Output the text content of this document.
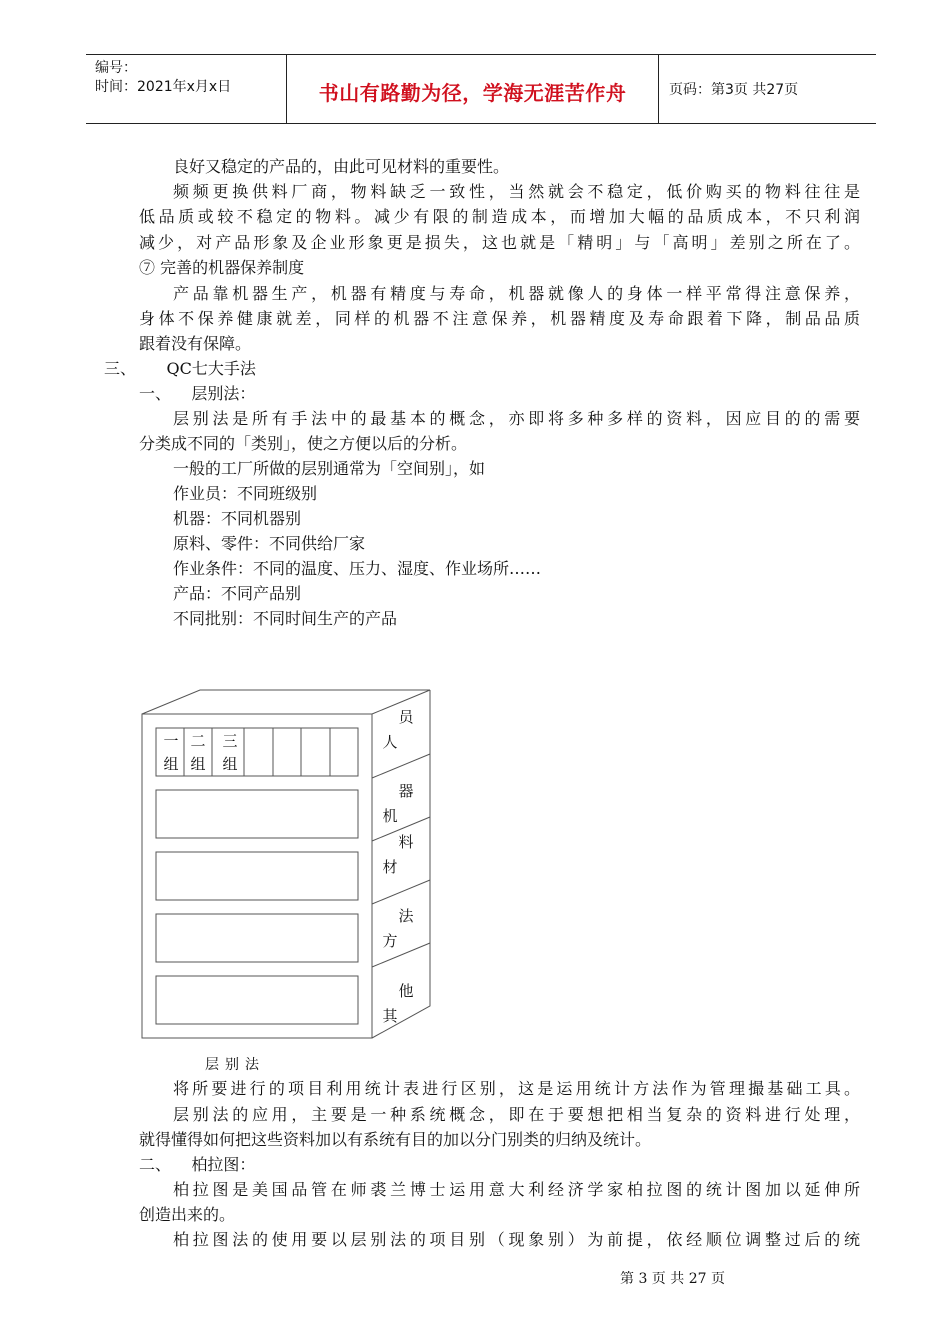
编号：
时间：2021年x月x日	书山有路勤为径，学海无涯苦作舟	页码：第3页 共27页
良好又稳定的产品的，由此可见材料的重要性。
频频更换供料厂商，物料缺乏一致性，当然就会不稳定，低价购买的物料往往是
低品质或较不稳定的物料。减少有限的制造成本，而增加大幅的品质成本，不只利润
减少，对产品形象及企业形象更是损失，这也就是「精明」与「高明」差别之所在了。
⑦ 完善的机器保养制度
产品靠机器生产，机器有精度与寿命，机器就像人的身体一样平常得注意保养，
身体不保养健康就差，同样的机器不注意保养，机器精度及寿命跟着下降，制品品质
跟着没有保障。
三、      QC七大手法
一、    层别法：
层别法是所有手法中的最基本的概念，亦即将多种多样的资料，因应目的的需要
分类成不同的「类别」，使之方便以后的分析。
一般的工厂所做的层别通常为「空间别」，如
作业员：不同班级别
机器：不同机器别
原料、零件：不同供给厂家
作业条件：不同的温度、压力、湿度、作业场所……
产品：不同产品别
不同批别：不同时间生产的产品
一
组
二
组
三
组
员
人
器
机
料
材
法
方
他
其
层别法
将所要进行的项目利用统计表进行区别，这是运用统计方法作为管理撮基础工具。
层别法的应用，主要是一种系统概念，即在于要想把相当复杂的资料进行处理，
就得懂得如何把这些资料加以有系统有目的加以分门别类的归纳及统计。
二、    柏拉图：
柏拉图是美国品管在师裘兰博士运用意大利经济学家柏拉图的统计图加以延伸所
创造出来的。
柏拉图法的使用要以层别法的项目别（现象别）为前提，依经顺位调整过后的统
第 3 页 共 27 页
